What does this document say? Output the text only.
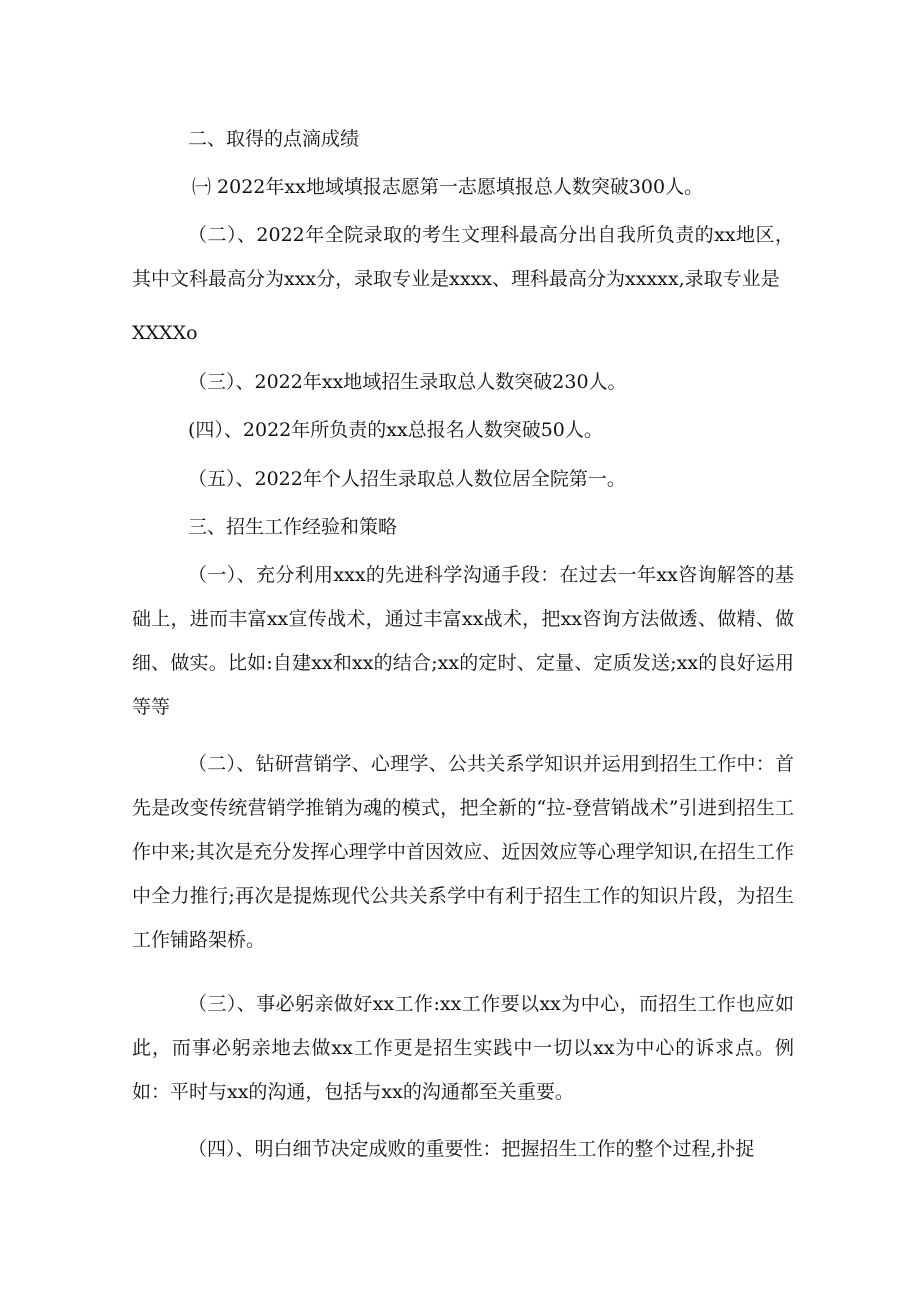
二、取得的点滴成绩

㈠ 2022年xx地域填报志愿第一志愿填报总人数突破300人。

（二）、2022年全院录取的考生文理科最高分出自我所负责的xx地区，其中文科最高分为xxx分，录取专业是xxxx、理科最高分为xxxxx,录取专业是

XXXXo

（三）、2022年xx地域招生录取总人数突破230人。

(四）、2022年所负责的xx总报名人数突破50人。

（五）、2022年个人招生录取总人数位居全院第一。

三、招生工作经验和策略

（一）、充分利用xxx的先进科学沟通手段：在过去一年xx咨询解答的基础上，进而丰富xx宣传战术，通过丰富xx战术，把xx咨询方法做透、做精、做细、做实。比如:自建xx和xx的结合;xx的定时、定量、定质发送;xx的良好运用等等

（二）、钻研营销学、心理学、公共关系学知识并运用到招生工作中：首先是改变传统营销学推销为魂的模式，把全新的“拉-登营销战术”引进到招生工作中来;其次是充分发挥心理学中首因效应、近因效应等心理学知识,在招生工作中全力推行;再次是提炼现代公共关系学中有利于招生工作的知识片段，为招生工作铺路架桥。

（三）、事必躬亲做好xx工作:xx工作要以xx为中心，而招生工作也应如此，而事必躬亲地去做xx工作更是招生实践中一切以xx为中心的诉求点。例如：平时与xx的沟通，包括与xx的沟通都至关重要。

（四）、明白细节决定成败的重要性：把握招生工作的整个过程,扑捉
